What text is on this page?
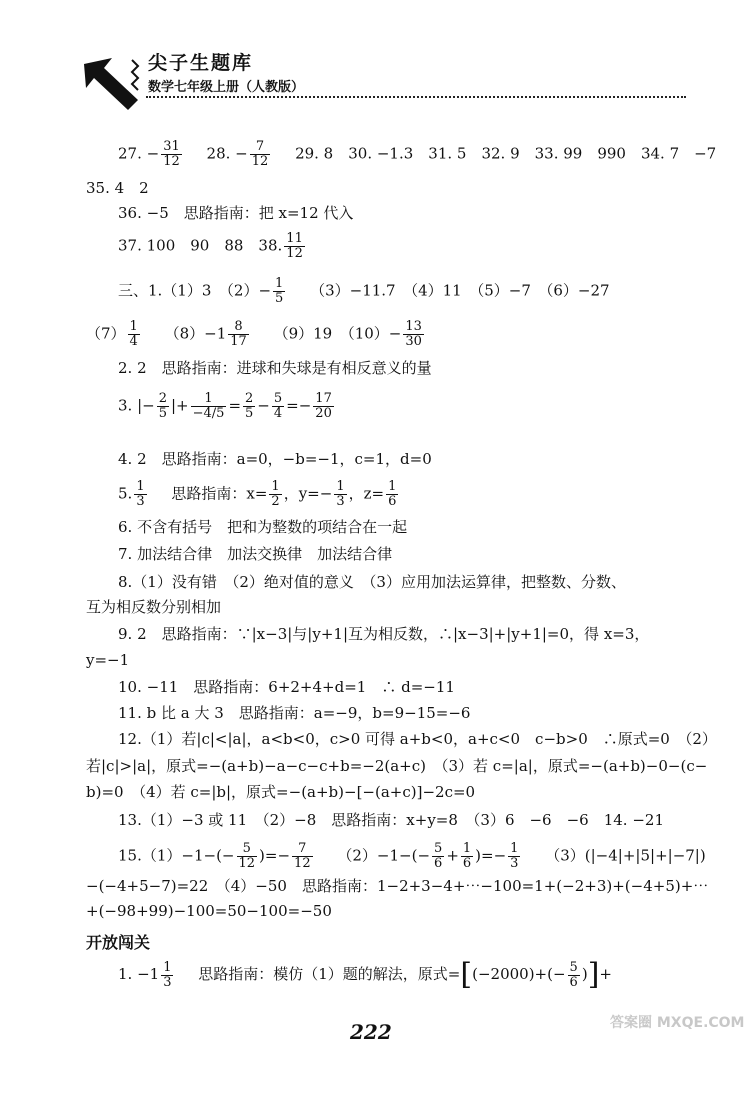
尖子生题库
数学七年级上册（人教版）
27. − $\frac{31}{12} 28$. − $\frac{7}{12} 29$. 8　30. −1.3　31. 5　32. 9　33. 99　990　34. 7　−7
35. 4　2
36. −5　思路指南：把 x=12 代入
37. 100　90　88　38. $\frac{11}{12}$
三、1.（1）3　$(2)- \frac{1}{5} (3)-11.7$　（4）11　（5）−7　（6）−27
$(7) \frac{1}{4} (8)-1 \frac{8}{17} (9)19$　$(10)- \frac{13}{30}$
2. 2　思路指南：进球和失球是有相反意义的量
3. |− $\frac{2}{5}$ |+ $\frac{1}{-4/5} = \frac{2}{5} - \frac{5}{4} =- \frac{17}{20}$
4. 2　思路指南：a=0，−b=−1，c=1，d=0
5. $\frac{1}{3}$ 思路指南：$x= \frac{1}{2}$ ，$y=- \frac{1}{3}$ ，$z= \frac{1}{6}$
6. 不含有括号　把和为整数的项结合在一起
7. 加法结合律　加法交换律　加法结合律
8.（1）没有错　（2）绝对值的意义　（3）应用加法运算律，把整数、分数、
互为相反数分别相加
9. 2　思路指南：∵|x−3|与|y+1|互为相反数，∴|x−3|+|y+1|=0，得 x=3，
y=−1
10. −11　思路指南：6+2+4+d=1　∴ d=−11
11. b 比 a 大 3　思路指南：a=−9，b=9−15=−6
12.（1）若|c|<|a|，a<b<0，c>0 可得 a+b<0，a+c<0　c−b>0　∴原式=0　（2）
若|c|>|a|，原式=−(a+b)−a−c−c+b=−2(a+c)　（3）若 c=|a|，原式=−(a+b)−0−(c−
b)=0　（4）若 c=|b|，原式=−(a+b)−[−(a+c)]−2c=0
13.（1）−3 或 11　（2）−8　思路指南：x+y=8　（3）6　−6　−6　14. −21
$15.(1)-1-(- \frac{5}{12}$ )=− $\frac{7}{12} (2)-1-(- \frac{5}{6} + \frac{1}{6}$ )=− $\frac{1}{3} (3)(|-4|+|5|+|-7|)$
−(−4+5−7)=22　（4）−50　思路指南：1−2+3−4+⋯−100=1+(−2+3)+(−4+5)+⋯
+(−98+99)−100=50−100=−50
开放闯关
1. $-1 \frac{1}{3}$ 思路指南：模仿（1）题的解法，原式$=[(-2000)+(- \frac{5}{6}$ )]+
222	答案圈 MXQE.COM
